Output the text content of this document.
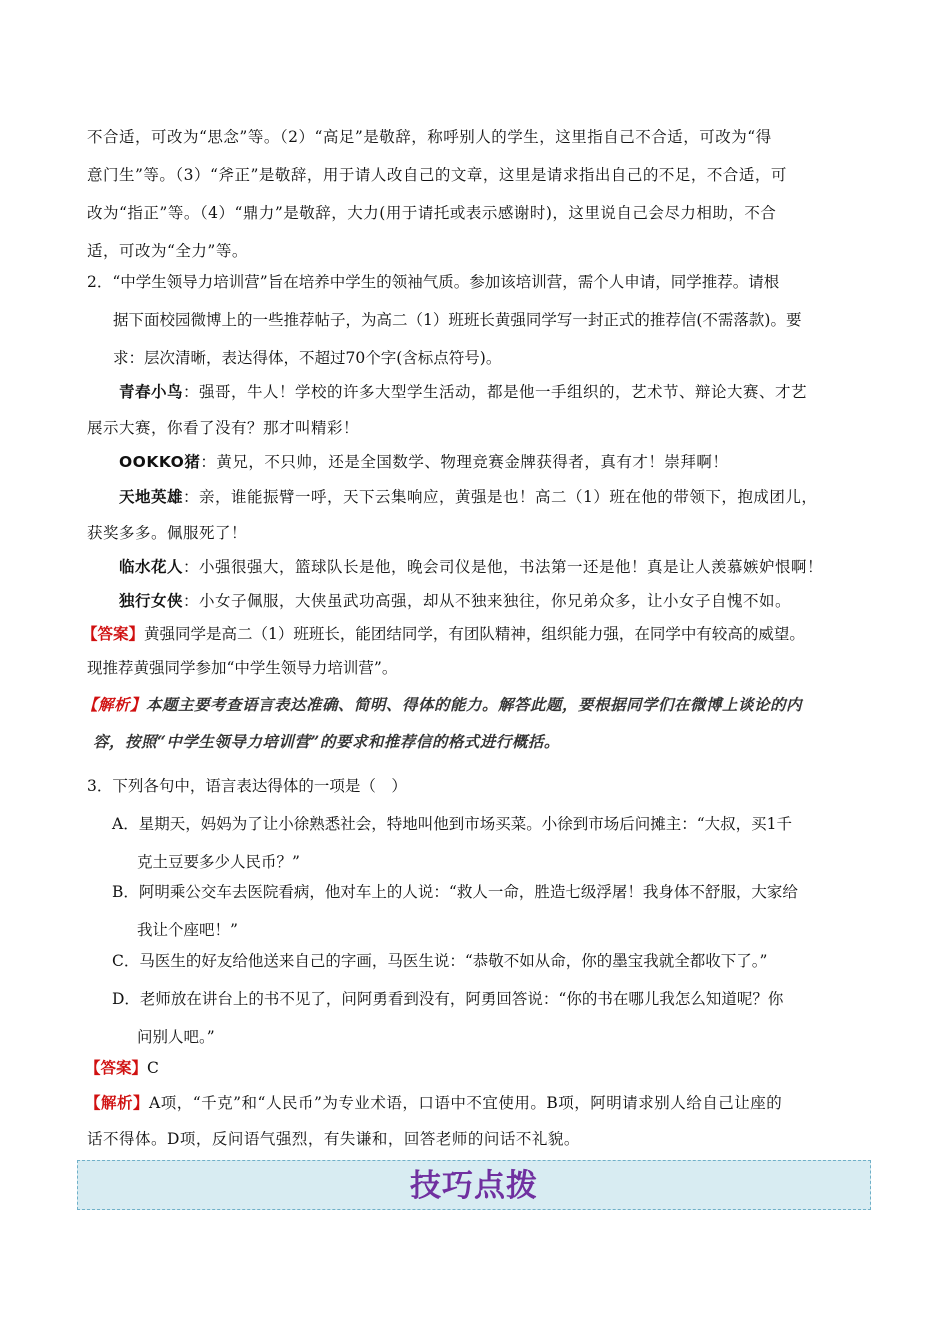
不合适，可改为“思念”等。（2）“高足”是敬辞，称呼别人的学生，这里指自己不合适，可改为“得

意门生”等。（3）“斧正”是敬辞，用于请人改自己的文章，这里是请求指出自己的不足，不合适，可

改为“指正”等。（4）“鼎力”是敬辞，大力(用于请托或表示感谢时)，这里说自己会尽力相助，不合

适，可改为“全力”等。

2．“中学生领导力培训营”旨在培养中学生的领袖气质。参加该培训营，需个人申请，同学推荐。请根

据下面校园微博上的一些推荐帖子，为高二（1）班班长黄强同学写一封正式的推荐信(不需落款)。要

求：层次清晰，表达得体，不超过70个字(含标点符号)。

青春小鸟：强哥，牛人！学校的许多大型学生活动，都是他一手组织的，艺术节、辩论大赛、才艺

展示大赛，你看了没有？那才叫精彩！

OOKKO猪：黄兄，不只帅，还是全国数学、物理竞赛金牌获得者，真有才！崇拜啊！

天地英雄：亲，谁能振臂一呼，天下云集响应，黄强是也！高二（1）班在他的带领下，抱成团儿，

获奖多多。佩服死了！

临水花人：小强很强大，篮球队长是他，晚会司仪是他，书法第一还是他！真是让人羡慕嫉妒恨啊！

独行女侠：小女子佩服，大侠虽武功高强，却从不独来独往，你兄弟众多，让小女子自愧不如。

【答案】黄强同学是高二（1）班班长，能团结同学，有团队精神，组织能力强，在同学中有较高的威望。

现推荐黄强同学参加“中学生领导力培训营”。

【解析】本题主要考查语言表达准确、简明、得体的能力。解答此题，要根据同学们在微博上谈论的内

容，按照“中学生领导力培训营”的要求和推荐信的格式进行概括。

3．下列各句中，语言表达得体的一项是（　）

A．星期天，妈妈为了让小徐熟悉社会，特地叫他到市场买菜。小徐到市场后问摊主：“大叔，买1千

克土豆要多少人民币？”

B．阿明乘公交车去医院看病，他对车上的人说：“救人一命，胜造七级浮屠！我身体不舒服，大家给

我让个座吧！”

C．马医生的好友给他送来自己的字画，马医生说：“恭敬不如从命，你的墨宝我就全都收下了。”

D．老师放在讲台上的书不见了，问阿勇看到没有，阿勇回答说：“你的书在哪儿我怎么知道呢？你

问别人吧。”

【答案】C

【解析】A项，“千克”和“人民币”为专业术语，口语中不宜使用。B项，阿明请求别人给自己让座的

话不得体。D项，反问语气强烈，有失谦和，回答老师的问话不礼貌。

技巧点拨
